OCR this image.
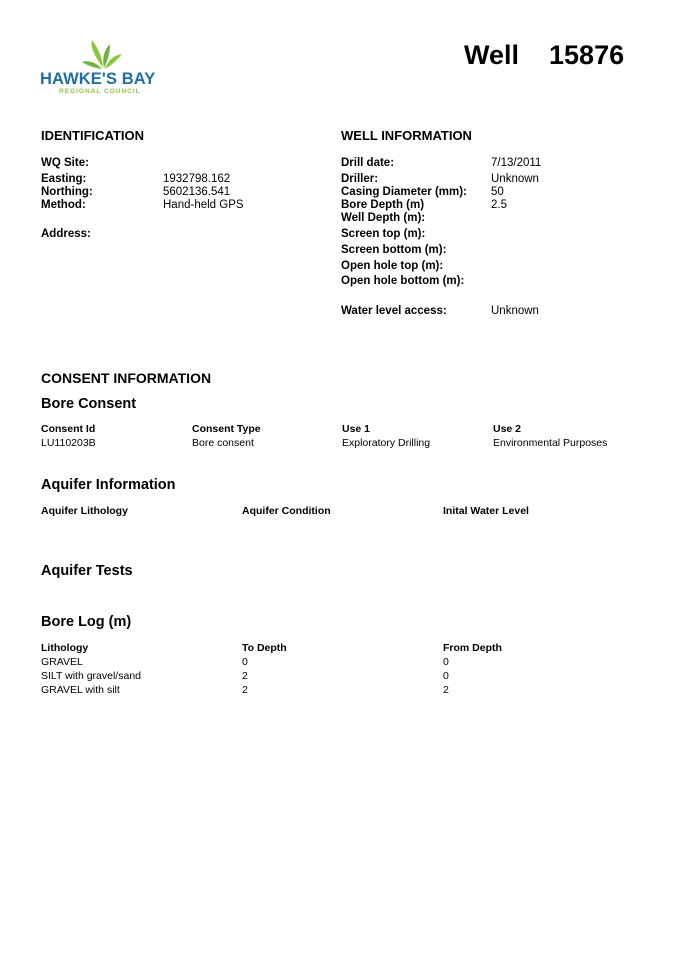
HAWKE'S BAY
REGIONAL COUNCIL
Well 15876
IDENTIFICATION
WQ Site:
Easting:	1932798.162
Northing:	5602136.541
Method:	Hand-held GPS
Address:
WELL INFORMATION
Drill date:	7/13/2011
Driller:	Unknown
Casing Diameter (mm): 50
Bore Depth (m)	2.5
Well Depth (m):
Screen top (m):
Screen bottom (m):
Open hole top (m):
Open hole bottom (m):
Water level access:	Unknown
CONSENT INFORMATION
Bore Consent
Consent Id	Consent Type	Use 1	Use 2
LU110203B	Bore consent	Exploratory Drilling	Environmental Purposes
Aquifer Information
Aquifer Lithology	Aquifer Condition	Inital Water Level
Aquifer Tests
Bore Log (m)
Lithology	To Depth	From Depth
GRAVEL	0	0
SILT with gravel/sand	2	0
GRAVEL with silt	2	2
